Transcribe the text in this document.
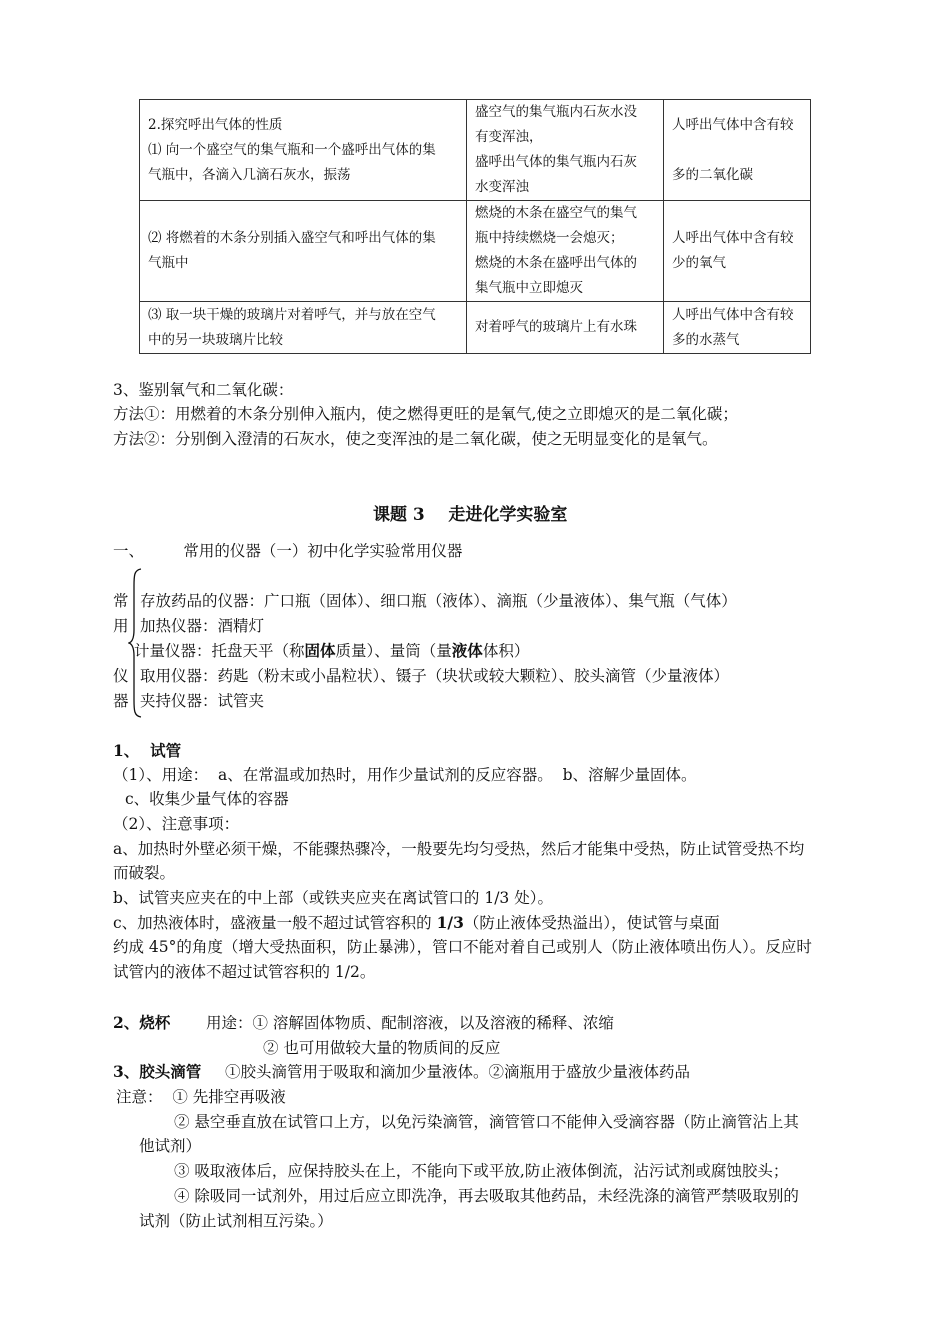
2.探究呼出气体的性质
⑴ 向一个盛空气的集气瓶和一个盛呼出气体的集
气瓶中，各滴入几滴石灰水，振荡	盛空气的集气瓶内石灰水没
有变浑浊，
盛呼出气体的集气瓶内石灰
水变浑浊	人呼出气体中含有较
多的二氧化碳

⑵ 将燃着的木条分别插入盛空气和呼出气体的集
气瓶中	燃烧的木条在盛空气的集气
瓶中持续燃烧一会熄灭；
燃烧的木条在盛呼出气体的
集气瓶中立即熄灭	人呼出气体中含有较
少的氧气

⑶ 取一块干燥的玻璃片对着呼气，并与放在空气
中的另一块玻璃片比较	对着呼气的玻璃片上有水珠	人呼出气体中含有较
多的水蒸气
3、鉴别氧气和二氧化碳：
方法①：用燃着的木条分别伸入瓶内，使之燃得更旺的是氧气,使之立即熄灭的是二氧化碳；
方法②：分别倒入澄清的石灰水，使之变浑浊的是二氧化碳，使之无明显变化的是氧气。
课题 3    走进化学实验室
一、        常用的仪器（一）初中化学实验常用仪器
常
用
仪
器
存放药品的仪器：广口瓶（固体）、细口瓶（液体）、滴瓶（少量液体）、集气瓶（气体）
加热仪器：酒精灯
计量仪器：托盘天平（称固体质量）、量筒（量液体体积）
取用仪器：药匙（粉末或小晶粒状）、镊子（块状或较大颗粒）、胶头滴管（少量液体）
夹持仪器：试管夹
1、  试管
（1）、用途：  a、在常温或加热时，用作少量试剂的反应容器。  b、溶解少量固体。
c、收集少量气体的容器
（2）、注意事项：
a、加热时外壁必须干燥，不能骤热骤冷，一般要先均匀受热，然后才能集中受热，防止试管受热不均
而破裂。
b、试管夹应夹在的中上部（或铁夹应夹在离试管口的 1/3 处）。
c、加热液体时，盛液量一般不超过试管容积的 1/3（防止液体受热溢出），使试管与桌面
约成 45°的角度（增大受热面积，防止暴沸），管口不能对着自己或别人（防止液体喷出伤人）。反应时
试管内的液体不超过试管容积的 1/2。
2、烧杯 用途：① 溶解固体物质、配制溶液，以及溶液的稀释、浓缩
② 也可用做较大量的物质间的反应
3、胶头滴管 ①胶头滴管用于吸取和滴加少量液体。②滴瓶用于盛放少量液体药品
注意：  ① 先排空再吸液
② 悬空垂直放在试管口上方，以免污染滴管，滴管管口不能伸入受滴容器（防止滴管沾上其
他试剂）
③ 吸取液体后，应保持胶头在上，不能向下或平放,防止液体倒流，沾污试剂或腐蚀胶头；
④ 除吸同一试剂外，用过后应立即洗净，再去吸取其他药品，未经洗涤的滴管严禁吸取别的
试剂（防止试剂相互污染。）
